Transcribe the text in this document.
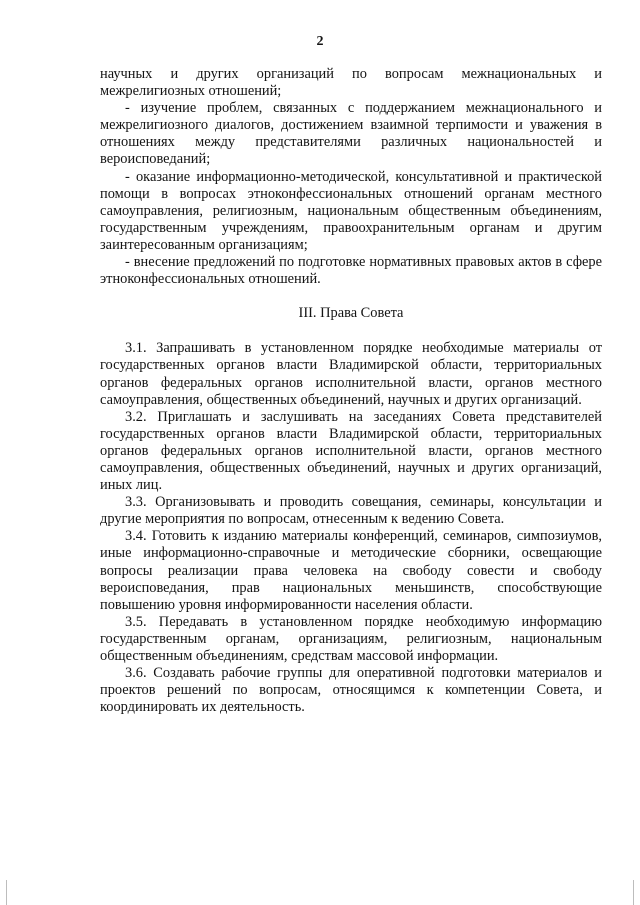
2

научных и других организаций по вопросам межнациональных и межрелигиозных отношений;

- изучение проблем, связанных с поддержанием межнационального и межрелигиозного диалогов, достижением взаимной терпимости и уважения в отношениях между представителями различных национальностей и вероисповеданий;

- оказание информационно-методической, консультативной и практической помощи в вопросах этноконфессиональных отношений органам местного самоуправления, религиозным, национальным общественным объединениям, государственным учреждениям, правоохранительным органам и другим заинтересованным организациям;

- внесение предложений по подготовке нормативных правовых актов в сфере этноконфессиональных отношений.

III. Права Совета

3.1. Запрашивать в установленном порядке необходимые материалы от государственных органов власти Владимирской области, территориальных органов федеральных органов исполнительной власти, органов местного самоуправления, общественных объединений, научных и других организаций.

3.2. Приглашать и заслушивать на заседаниях Совета представителей государственных органов власти Владимирской области, территориальных органов федеральных органов исполнительной власти, органов местного самоуправления, общественных объединений, научных и других организаций, иных лиц.

3.3. Организовывать и проводить совещания, семинары, консультации и другие мероприятия по вопросам, отнесенным к ведению Совета.

3.4. Готовить к изданию материалы конференций, семинаров, симпозиумов, иные информационно-справочные и методические сборники, освещающие вопросы реализации права человека на свободу совести и свободу вероисповедания, прав национальных меньшинств, способствующие повышению уровня информированности населения области.

3.5. Передавать в установленном порядке необходимую информацию государственным органам, организациям, религиозным, национальным общественным объединениям, средствам массовой информации.

3.6. Создавать рабочие группы для оперативной подготовки материалов и проектов решений по вопросам, относящимся к компетенции Совета, и координировать их деятельность.
